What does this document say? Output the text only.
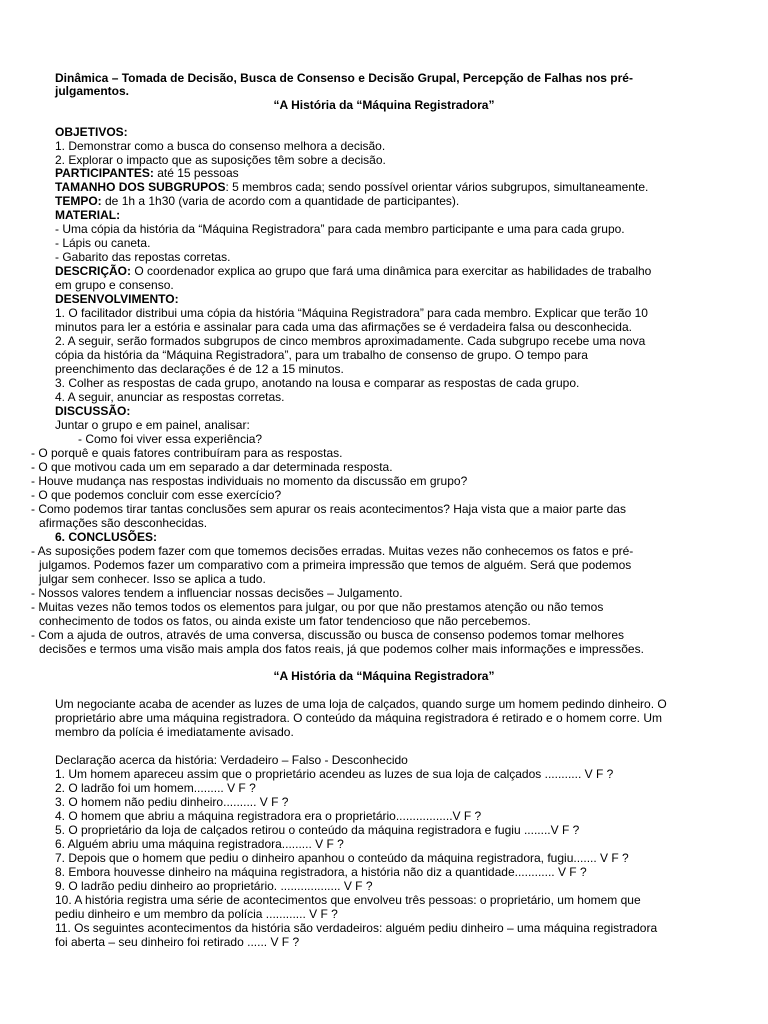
Dinâmica – Tomada de Decisão, Busca de Consenso e Decisão Grupal, Percepção de Falhas nos pré-
julgamentos.
“A História da “Máquina Registradora”
OBJETIVOS:
1. Demonstrar como a busca do consenso melhora a decisão.
2. Explorar o impacto que as suposições têm sobre a decisão.
PARTICIPANTES: até 15 pessoas
TAMANHO DOS SUBGRUPOS: 5 membros cada; sendo possível orientar vários subgrupos, simultaneamente.
TEMPO: de 1h a 1h30 (varia de acordo com a quantidade de participantes).
MATERIAL:
- Uma cópia da história da “Máquina Registradora” para cada membro participante e uma para cada grupo.
- Lápis ou caneta.
- Gabarito das repostas corretas.
DESCRIÇÃO: O coordenador explica ao grupo que fará uma dinâmica para exercitar as habilidades de trabalho
em grupo e consenso.
DESENVOLVIMENTO:
1. O facilitador distribui uma cópia da história “Máquina Registradora” para cada membro. Explicar que terão 10
minutos para ler a estória e assinalar para cada uma das afirmações se é verdadeira falsa ou desconhecida.
2. A seguir, serão formados subgrupos de cinco membros aproximadamente. Cada subgrupo recebe uma nova
cópia da história da “Máquina Registradora”, para um trabalho de consenso de grupo. O tempo para
preenchimento das declarações é de 12 a 15 minutos.
3. Colher as respostas de cada grupo, anotando na lousa e comparar as respostas de cada grupo.
4. A seguir, anunciar as respostas corretas.
DISCUSSÃO:
Juntar o grupo e em painel, analisar:
- Como foi viver essa experiência?
- O porquê e quais fatores contribuíram para as respostas.
- O que motivou cada um em separado a dar determinada resposta.
- Houve mudança nas respostas individuais no momento da discussão em grupo?
- O que podemos concluir com esse exercício?
- Como podemos tirar tantas conclusões sem apurar os reais acontecimentos? Haja vista que a maior parte das
afirmações são desconhecidas.
6. CONCLUSÕES:
- As suposições podem fazer com que tomemos decisões erradas. Muitas vezes não conhecemos os fatos e pré-
julgamos. Podemos fazer um comparativo com a primeira impressão que temos de alguém. Será que podemos
julgar sem conhecer. Isso se aplica a tudo.
- Nossos valores tendem a influenciar nossas decisões – Julgamento.
- Muitas vezes não temos todos os elementos para julgar, ou por que não prestamos atenção ou não temos
conhecimento de todos os fatos, ou ainda existe um fator tendencioso que não percebemos.
- Com a ajuda de outros, através de uma conversa, discussão ou busca de consenso podemos tomar melhores
decisões e termos uma visão mais ampla dos fatos reais, já que podemos colher mais informações e impressões.
“A História da “Máquina Registradora”
Um negociante acaba de acender as luzes de uma loja de calçados, quando surge um homem pedindo dinheiro. O
proprietário abre uma máquina registradora. O conteúdo da máquina registradora é retirado e o homem corre. Um
membro da polícia é imediatamente avisado.
Declaração acerca da história: Verdadeiro – Falso - Desconhecido
1. Um homem apareceu assim que o proprietário acendeu as luzes de sua loja de calçados ........... V F ?
2. O ladrão foi um homem......... V F ?
3. O homem não pediu dinheiro.......... V F ?
4. O homem que abriu a máquina registradora era o proprietário.................V F ?
5. O proprietário da loja de calçados retirou o conteúdo da máquina registradora e fugiu ........V F ?
6. Alguém abriu uma máquina registradora......... V F ?
7. Depois que o homem que pediu o dinheiro apanhou o conteúdo da máquina registradora, fugiu....... V F ?
8. Embora houvesse dinheiro na máquina registradora, a história não diz a quantidade............ V F ?
9. O ladrão pediu dinheiro ao proprietário. .................. V F ?
10. A história registra uma série de acontecimentos que envolveu três pessoas: o proprietário, um homem que
pediu dinheiro e um membro da polícia ............ V F ?
11. Os seguintes acontecimentos da história são verdadeiros: alguém pediu dinheiro – uma máquina registradora
foi aberta – seu dinheiro foi retirado ...... V F ?
